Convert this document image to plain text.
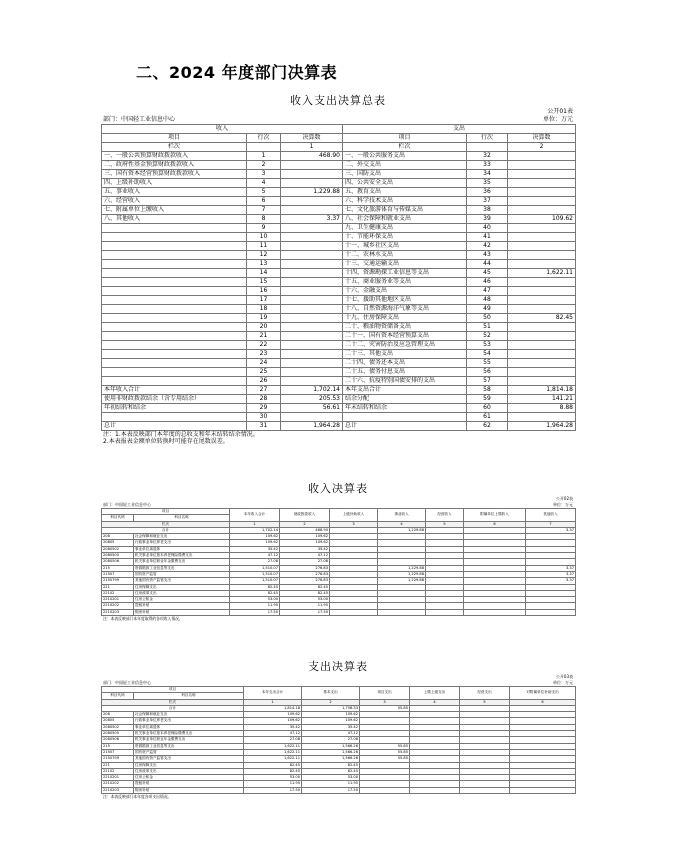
二、2024 年度部门决算表
收入支出决算总表
公开01表
部门：中国轻工业信息中心	单位：万元
收入			支出		
项目	行次	决算数	项目	行次	决算数
栏次		1	栏次		2
一、一般公共预算财政拨款收入	1	468.90	一、一般公共服务支出	32	
二、政府性基金预算财政拨款收入	2		二、外交支出	33	
三、国有资本经营预算财政拨款收入	3		三、国防支出	34	
四、上级补助收入	4		四、公共安全支出	35	
五、事业收入	5	1,229.88	五、教育支出	36	
六、经营收入	6		六、科学技术支出	37	
七、附属单位上缴收入	7		七、文化旅游体育与传媒支出	38	
八、其他收入	8	3.37	八、社会保障和就业支出	39	109.62
	9		九、卫生健康支出	40	
	10		十、节能环保支出	41	
	11		十一、城乡社区支出	42	
	12		十二、农林水支出	43	
	13		十三、交通运输支出	44	
	14		十四、资源勘探工业信息等支出	45	1,622.11
	15		十五、商业服务业等支出	46	
	16		十六、金融支出	47	
	17		十七、援助其他地区支出	48	
	18		十八、自然资源海洋气象等支出	49	
	19		十九、住房保障支出	50	82.45
	20		二十、粮油物资储备支出	51	
	21		二十一、国有资本经营预算支出	52	
	22		二十二、灾害防治及应急管理支出	53	
	23		二十三、其他支出	54	
	24		二十四、债务还本支出	55	
	25		二十五、债务付息支出	56	
	26		二十六、抗疫特别国债安排的支出	57	
本年收入合计	27	1,702.14	本年支出合计	58	1,814.18
使用非财政拨款结余（含专用结余）	28	205.53	结余分配	59	141.21
年初结转和结余	29	56.61	年末结转和结余	60	8.88
	30			61	
总计	31	1,964.28	总计	62	1,964.28
注：1.本表反映部门本年度的总收支和年末结转结余情况。
2.本表报表金额单位转换时可能存在尾数误差。
收入决算表
公开02表
部门：中国轻工业信息中心	单位：万元
项目		本年收入合计	财政拨款收入	上级补助收入	事业收入	经营收入	附属单位上缴收入	其他收入
科目代码	科目名称							
栏次		1	2	3	4	5	6	7
合计		1,702.14	468.90		1,229.88			3.37
208	社会保障和就业支出	109.62	109.62					
20805	行政事业单位养老支出	109.62	109.62					
2080502	事业单位离退休	35.42	35.42					
2080505	机关事业单位基本养老保险缴费支出	47.12	47.12					
2080506	机关事业单位职业年金缴费支出	27.08	27.08					
215	资源勘探工业信息等支出	1,510.07	276.83		1,229.88			3.37
21507	国有资产监管	1,510.07	276.83		1,229.88			3.37
2150799	其他国有资产监管支出	1,510.07	276.83		1,229.88			3.37
221	住房保障支出	82.45	82.45					
22102	住房改革支出	82.45	82.45					
2210201	住房公积金	53.00	53.00					
2210202	提租补贴	11.95	11.95					
2210203	购房补贴	17.50	17.50					
注：本表反映部门本年度取得的各项收入情况。
支出决算表
公开03表
部门：中国轻工业信息中心	单位：万元
项目		本年支出合计	基本支出	项目支出	上缴上级支出	经营支出	对附属单位补助支出
科目代码	科目名称						
栏次		1	2	3	4	5	6
合计		1,814.18	1,758.33	55.85			
208	社会保障和就业支出	109.62	109.62				
20805	行政事业单位养老支出	109.62	109.62				
2080502	事业单位离退休	35.42	35.42				
2080505	机关事业单位基本养老保险缴费支出	47.12	47.12				
2080506	机关事业单位职业年金缴费支出	27.08	27.08				
215	资源勘探工业信息等支出	1,622.11	1,566.26	55.85			
21507	国有资产监管	1,622.11	1,566.26	55.85			
2150799	其他国有资产监管支出	1,622.11	1,566.26	55.85			
221	住房保障支出	82.45	82.45				
22102	住房改革支出	82.45	82.45				
2210201	住房公积金	53.00	53.00				
2210202	提租补贴	11.95	11.95				
2210203	购房补贴	17.50	17.50				
注：本表反映部门本年度各项支出情况。
